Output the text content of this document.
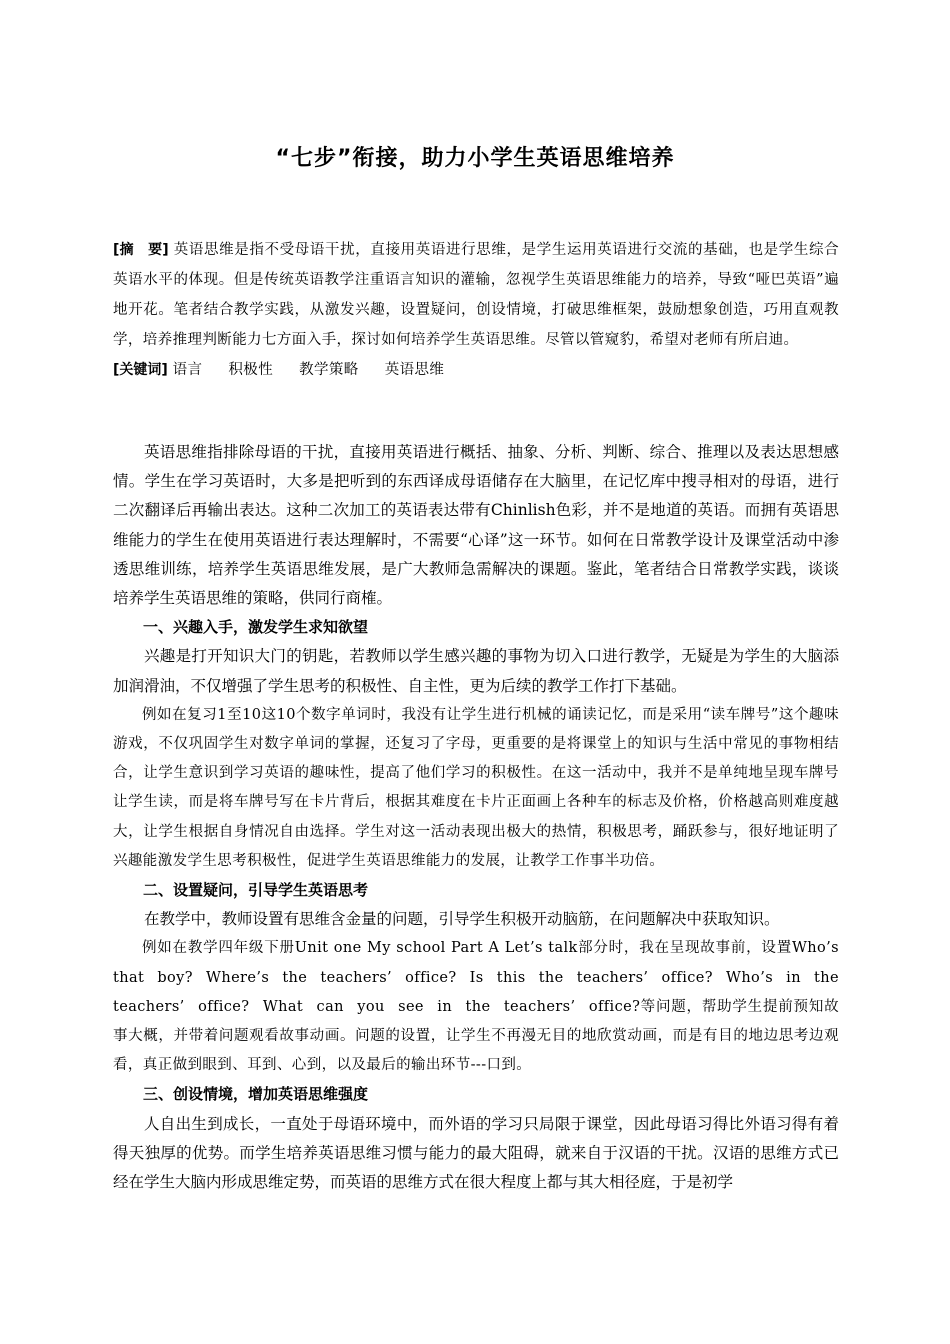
“七步”衔接，助力小学生英语思维培养
[摘　要] 英语思维是指不受母语干扰，直接用英语进行思维，是学生运用英语进行交流的基础，也是学生综合英语水平的体现。但是传统英语教学注重语言知识的灌输，忽视学生英语思维能力的培养，导致“哑巴英语”遍地开花。笔者结合教学实践，从激发兴趣，设置疑问，创设情境，打破思维框架，鼓励想象创造，巧用直观教学，培养推理判断能力七方面入手，探讨如何培养学生英语思维。尽管以管窥豹，希望对老师有所启迪。
[关键词] 语言 积极性 教学策略 英语思维

英语思维指排除母语的干扰，直接用英语进行概括、抽象、分析、判断、综合、推理以及表达思想感情。学生在学习英语时，大多是把听到的东西译成母语储存在大脑里，在记忆库中搜寻相对的母语，进行二次翻译后再输出表达。这种二次加工的英语表达带有Chinlish色彩，并不是地道的英语。而拥有英语思维能力的学生在使用英语进行表达理解时，不需要“心译”这一环节。如何在日常教学设计及课堂活动中渗透思维训练，培养学生英语思维发展，是广大教师急需解决的课题。鉴此，笔者结合日常教学实践，谈谈培养学生英语思维的策略，供同行商榷。

一、兴趣入手，激发学生求知欲望

兴趣是打开知识大门的钥匙，若教师以学生感兴趣的事物为切入口进行教学，无疑是为学生的大脑添加润滑油，不仅增强了学生思考的积极性、自主性，更为后续的教学工作打下基础。

例如在复习1至10这10个数字单词时，我没有让学生进行机械的诵读记忆，而是采用“读车牌号”这个趣味游戏，不仅巩固学生对数字单词的掌握，还复习了字母，更重要的是将课堂上的知识与生活中常见的事物相结合，让学生意识到学习英语的趣味性，提高了他们学习的积极性。在这一活动中，我并不是单纯地呈现车牌号让学生读，而是将车牌号写在卡片背后，根据其难度在卡片正面画上各种车的标志及价格，价格越高则难度越大，让学生根据自身情况自由选择。学生对这一活动表现出极大的热情，积极思考，踊跃参与，很好地证明了兴趣能激发学生思考积极性，促进学生英语思维能力的发展，让教学工作事半功倍。

二、设置疑问，引导学生英语思考

在教学中，教师设置有思维含金量的问题，引导学生积极开动脑筋，在问题解决中获取知识。

例如在教学四年级下册Unit one My school Part A Let’s talk部分时，我在呈现故事前，设置Who’s that boy? Where’s the teachers’ office? Is this the teachers’ office? Who’s in the teachers’ office? What can you see in the teachers’ office?等问题，帮助学生提前预知故事大概，并带着问题观看故事动画。问题的设置，让学生不再漫无目的地欣赏动画，而是有目的地边思考边观看，真正做到眼到、耳到、心到，以及最后的输出环节---口到。

三、创设情境，增加英语思维强度

人自出生到成长，一直处于母语环境中，而外语的学习只局限于课堂，因此母语习得比外语习得有着得天独厚的优势。而学生培养英语思维习惯与能力的最大阻碍，就来自于汉语的干扰。汉语的思维方式已经在学生大脑内形成思维定势，而英语的思维方式在很大程度上都与其大相径庭，于是初学
